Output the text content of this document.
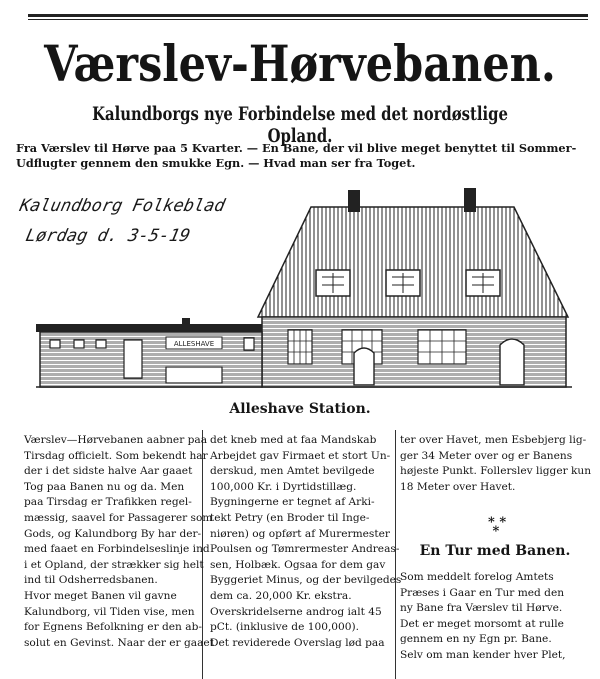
Værslev-Hørvebanen.
Kalundborgs nye Forbindelse med det nordøstlige Opland.
Fra Værslev til Hørve paa 5 Kvarter. — En Bane, der vil blive meget benyttet til Sommer-
Udflugter gennem den smukke Egn. — Hvad man ser fra Toget.
ALLESHAVE
Kalundborg Folkeblad
Lørdag d. 3-5-19
Alleshave Station.
Værslev—Hørvebanen aabner paa
Tirsdag officielt. Som bekendt har
der i det sidste halve Aar gaaet
Tog paa Banen nu og da. Men
paa Tirsdag er Trafikken regel-
mæssig, saavel for Passagerer som
Gods, og Kalundborg By har der-
med faaet en Forbindelseslinje ind
i et Opland, der strækker sig helt
ind til Odsherredsbanen.
Hvor meget Banen vil gavne
Kalundborg, vil Tiden vise, men
for Egnens Befolkning er den ab-
solut en Gevinst. Naar der er gaaet
det kneb med at faa Mandskab
Arbejdet gav Firmaet et stort Un-
derskud, men Amtet bevilgede
100,000 Kr. i Dyrtidstillæg.
Bygningerne er tegnet af Arki-
tekt Petry (en Broder til Inge-
niøren) og opført af Murermester
Poulsen og Tømrermester Andreas-
sen, Holbæk. Ogsaa for dem gav
Byggeriet Minus, og der bevilgedes
dem ca. 20,000 Kr. ekstra.
Overskridelserne androg ialt 45
pCt. (inklusive de 100,000).
Det reviderede Overslag lød paa
ter over Havet, men Esbebjerg lig-
ger 34 Meter over og er Banens
højeste Punkt. Follerslev ligger kun
18 Meter over Havet.
* *
*
En Tur med Banen.
Som meddelt forelog Amtets
Præses i Gaar en Tur med den
ny Bane fra Værslev til Hørve.
Det er meget morsomt at rulle
gennem en ny Egn pr. Bane.
Selv om man kender hver Plet,
